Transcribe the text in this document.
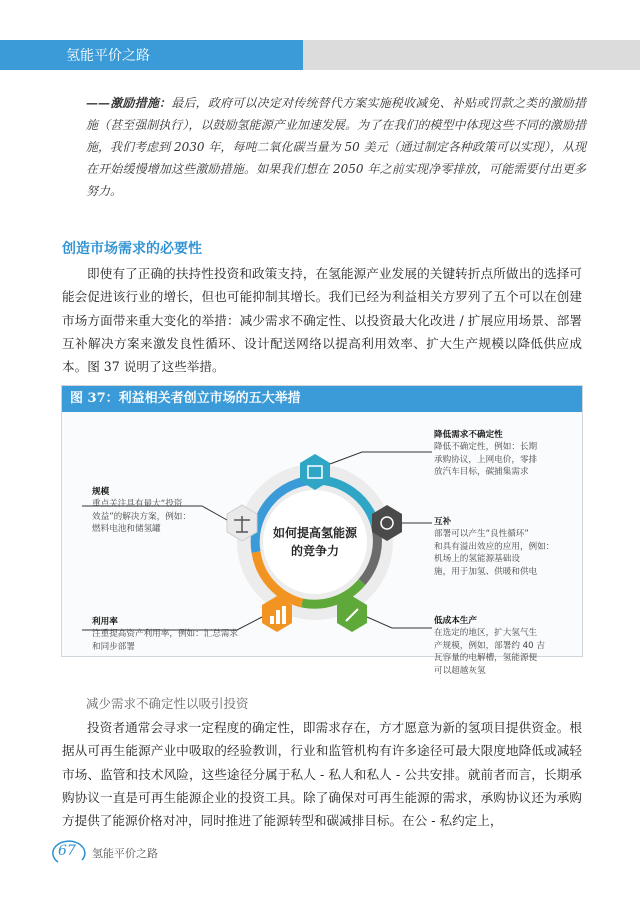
氢能平价之路

——激励措施：最后，政府可以决定对传统替代方案实施税收减免、补贴或罚款之类的激励措施（甚至强制执行），以鼓励氢能源产业加速发展。为了在我们的模型中体现这些不同的激励措施，我们考虑到 2030 年，每吨二氧化碳当量为 50 美元（通过制定各种政策可以实现），从现在开始缓慢增加这些激励措施。如果我们想在 2050 年之前实现净零排放，可能需要付出更多努力。

创造市场需求的必要性

即使有了正确的扶持性投资和政策支持，在氢能源产业发展的关键转折点所做出的选择可能会促进该行业的增长，但也可能抑制其增长。我们已经为利益相关方罗列了五个可以在创建市场方面带来重大变化的举措：减少需求不确定性、以投资最大化改进 / 扩展应用场景、部署互补解决方案来激发良性循环、设计配送网络以提高利用效率、扩大生产规模以降低供应成本。图 37 说明了这些举措。

图 37：利益相关者创立市场的五大举措
如何提高氢能源
的竞争力
降低需求不确定性
降低不确定性，例如：长期
承购协议，上网电价，零排
放汽车目标，碳捕集需求
互补
部署可以产生“良性循环”
和具有溢出效应的应用，例如：
机场上的氢能源基础设
施，用于加氢、供暖和供电
低成本生产
在选定的地区，扩大氢气生
产规模，例如，部署约 40 吉
瓦容量的电解槽，氢能源便
可以超越灰氢
利用率
注重提高资产利用率，例如：汇总需求
和同步部署
规模
重点关注具有最大“投资
效益”的解决方案，例如：
燃料电池和储氢罐
减少需求不确定性以吸引投资

投资者通常会寻求一定程度的确定性，即需求存在，方才愿意为新的氢项目提供资金。根据从可再生能源产业中吸取的经验教训，行业和监管机构有许多途径可最大限度地降低或减轻市场、监管和技术风险，这些途径分属于私人 - 私人和私人 - 公共安排。就前者而言，长期承购协议一直是可再生能源企业的投资工具。除了确保对可再生能源的需求，承购协议还为承购方提供了能源价格对冲，同时推进了能源转型和碳减排目标。在公 - 私约定上，

67 氢能平价之路
